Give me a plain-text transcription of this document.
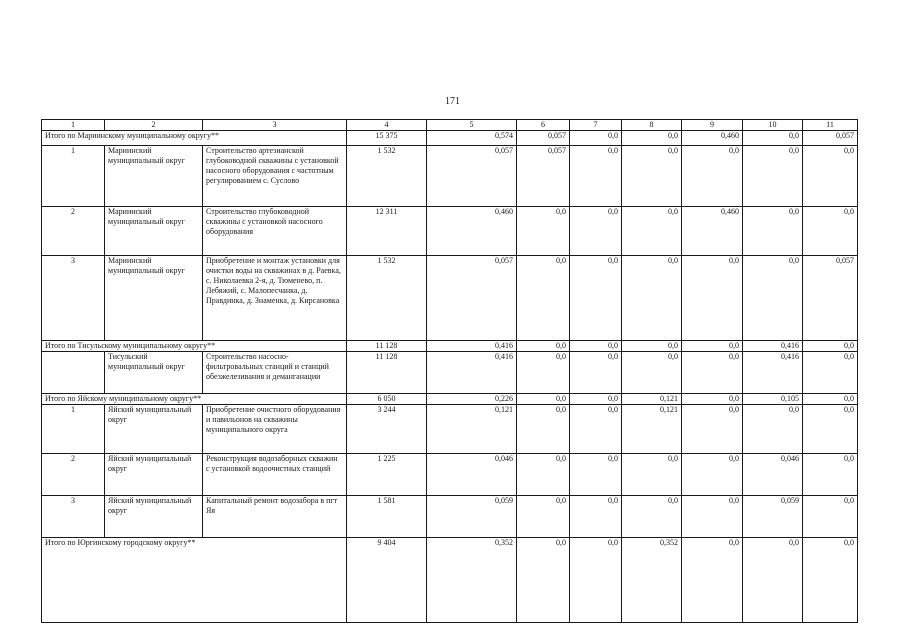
171
1	2	3	4	5	6	7	8	9	10	11
Итого по Мариинскому муниципальному округу**			15 375	0,574	0,057	0,0	0,0	0,460	0,0	0,057
1	Мариинский муниципальный округ	Строительство артезианской глубоководной скважины с установкой насосного оборудования с частотным регулированием с. Суслово	1 532	0,057	0,057	0,0	0,0	0,0	0,0	0,0
2	Мариинский муниципальный округ	Строительство глубоководной скважины с установкой насосного оборудования	12 311	0,460	0,0	0,0	0,0	0,460	0,0	0,0
3	Мариинский муниципальный округ	Приобретение и монтаж установки для очистки воды на скважинах в д. Раевка, с. Николаевка 2-я, д. Тюменево, п. Лебяжий, с. Малопесчанка, д. Правдинка, д. Знаменка, д. Кирсановка	1 532	0,057	0,0	0,0	0,0	0,0	0,0	0,057
Итого по Тисульскому муниципальному округу**			11 128	0,416	0,0	0,0	0,0	0,0	0,416	0,0
	Тисульский муниципальный округ	Строительство насосно-фильтровальных станций и станций обезжелезивания и деманганации	11 128	0,416	0,0	0,0	0,0	0,0	0,416	0,0
Итого по Яйскому муниципальному округу**			6 050	0,226	0,0	0,0	0,121	0,0	0,105	0,0
1	Яйский муниципальный округ	Приобретение очистного оборудования и павильонов на скважины муниципального округа	3 244	0,121	0,0	0,0	0,121	0,0	0,0	0,0
2	Яйский муниципальный округ	Реконструкция водозаборных скважин с установкой водоочистных станций	1 225	0,046	0,0	0,0	0,0	0,0	0,046	0,0
3	Яйский муниципальный округ	Капитальный ремонт водозабора в пгт Яя	1 581	0,059	0,0	0,0	0,0	0,0	0,059	0,0
Итого по Юргинскому городскому округу**			9 404	0,352	0,0	0,0	0,352	0,0	0,0	0,0
